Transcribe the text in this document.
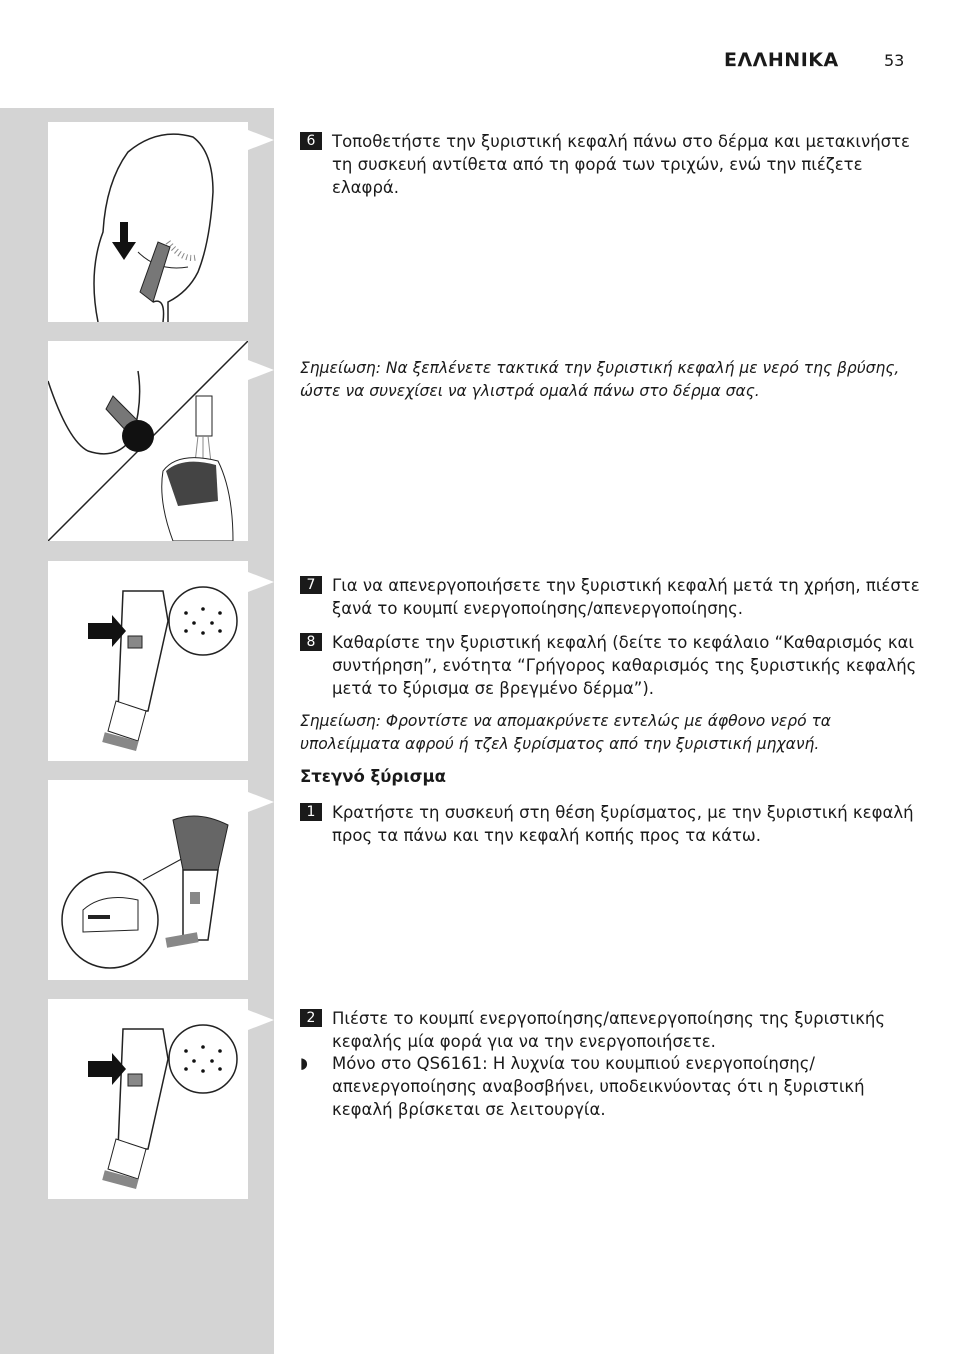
ΕΛΛΗΝΙΚΑ	53
6	Τοποθετήστε την ξυριστική κεφαλή πάνω στο δέρμα και μετακινήστε τη συσκευή αντίθετα από τη φορά των τριχών, ενώ την πιέζετε ελαφρά.
Σημείωση: Να ξεπλένετε τακτικά την ξυριστική κεφαλή με νερό της βρύσης, ώστε να συνεχίσει να γλιστρά ομαλά πάνω στο δέρμα σας.
7	Για να απενεργοποιήσετε την ξυριστική κεφαλή μετά τη χρήση, πιέστε ξανά το κουμπί ενεργοποίησης/απενεργοποίησης.
8	Καθαρίστε την ξυριστική κεφαλή (δείτε το κεφάλαιο “Καθαρισμός και συντήρηση”, ενότητα “Γρήγορος καθαρισμός της ξυριστικής κεφαλής μετά το ξύρισμα σε βρεγμένο δέρμα”).
Σημείωση: Φροντίστε να απομακρύνετε εντελώς με άφθονο νερό τα υπολείμματα αφρού ή τζελ ξυρίσματος από την ξυριστική μηχανή.
Στεγνό ξύρισμα
1	Κρατήστε τη συσκευή στη θέση ξυρίσματος, με την ξυριστική κεφαλή προς τα πάνω και την κεφαλή κοπής προς τα κάτω.
2	Πιέστε το κουμπί ενεργοποίησης/απενεργοποίησης της ξυριστικής κεφαλής μία φορά για να την ενεργοποιήσετε.
◗ Μόνο στο QS6161: Η λυχνία του κουμπιού ενεργοποίησης/απενεργοποίησης αναβοσβήνει, υποδεικνύοντας ότι η ξυριστική κεφαλή βρίσκεται σε λειτουργία.
